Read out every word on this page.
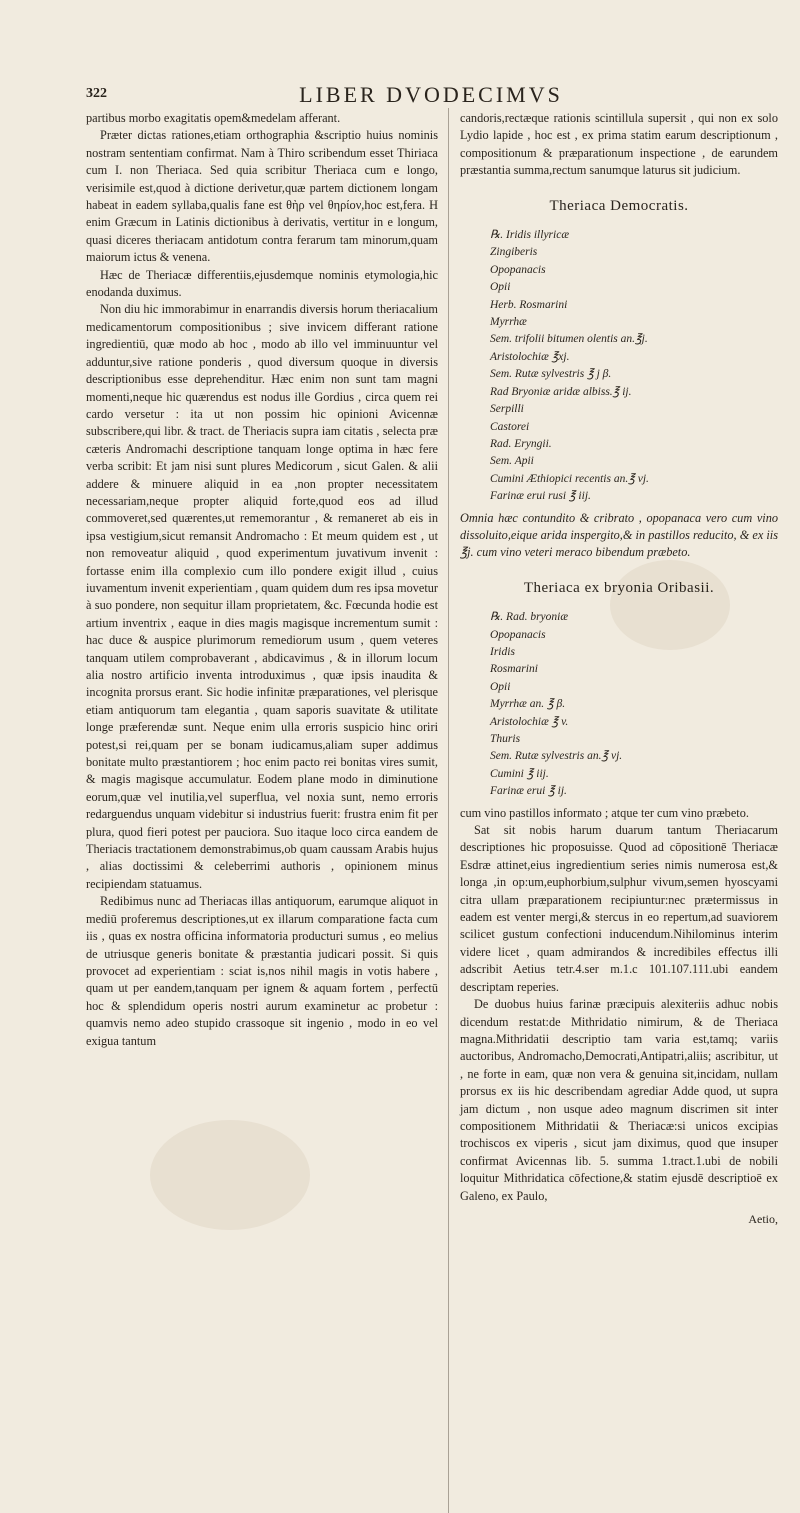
322	LIBER DVODECIMVS

partibus morbo exagitatis opem&medelam afferant.

Præter dictas rationes,etiam orthographia &scriptio huius nominis nostram sententiam confirmat. Nam à Thiro scribendum esset Thiriaca cum I. non Theriaca. Sed quia scribitur Theriaca cum e longo, verisimile est,quod à dictione derivetur,quæ partem dictionem longam habeat in eadem syllaba,qualis fane est θὴρ vel θηρίον,hoc est,fera. H enim Græcum in Latinis dictionibus à derivatis, vertitur in e longum, quasi diceres theriacam antidotum contra ferarum tam minorum,quam maiorum ictus & venena.

Hæc de Theriacæ differentiis,ejusdemque nominis etymologia,hic enodanda duximus.

Non diu hic immorabimur in enarrandis diversis horum theriacalium medicamentorum compositionibus ; sive invicem differant ratione ingredientiū, quæ modo ab hoc , modo ab illo vel imminuuntur vel adduntur,sive ratione ponderis , quod diversum quoque in diversis descriptionibus esse deprehenditur. Hæc enim non sunt tam magni momenti,neque hic quærendus est nodus ille Gordius , circa quem rei cardo versetur : ita ut non possim hic opinioni Avicennæ subscribere,qui libr. & tract. de Theriacis supra iam citatis , selecta præ cæteris Andromachi descriptione tanquam longe optima in hæc fere verba scribit: Et jam nisi sunt plures Medicorum , sicut Galen. & alii addere & minuere aliquid in ea ,non propter necessitatem necessariam,neque propter aliquid forte,quod eos ad illud commoveret,sed quærentes,ut rememorantur , & remaneret ab eis in ipsa vestigium,sicut remansit Andromacho : Et meum quidem est , ut non removeatur aliquid , quod experimentum juvativum invenit : fortasse enim illa complexio cum illo pondere exigit illud , cuius iuvamentum invenit experientiam , quam quidem dum res ipsa movetur à suo pondere, non sequitur illam proprietatem, &c. Fœcunda hodie est artium inventrix , eaque in dies magis magisque incrementum sumit : hac duce & auspice plurimorum remediorum usum , quem veteres tanquam utilem comprobaverant , abdicavimus , & in illorum locum alia nostro artificio inventa introduximus , quæ ipsis inaudita & incognita prorsus erant. Sic hodie infinitæ præparationes, vel plerisque etiam antiquorum tam elegantia , quam saporis suavitate & utilitate longe præferendæ sunt. Neque enim ulla erroris suspicio hinc oriri potest,si rei,quam per se bonam iudicamus,aliam super addimus bonitate multo præstantiorem ; hoc enim pacto rei bonitas vires sumit, & magis magisque accumulatur. Eodem plane modo in diminutione eorum,quæ vel inutilia,vel superflua, vel noxia sunt, nemo erroris redarguendus unquam videbitur si industrius fuerit: frustra enim fit per plura, quod fieri potest per pauciora. Suo itaque loco circa eandem de Theriacis tractationem demonstrabimus,ob quam caussam Arabis hujus , alias doctissimi & celeberrimi authoris , opinionem minus recipiendam statuamus.

Redibimus nunc ad Theriacas illas antiquorum, earumque aliquot in mediū proferemus descriptiones,ut ex illarum comparatione facta cum iis , quas ex nostra officina informatoria producturi sumus , eo melius de utriusque generis bonitate & præstantia judicari possit. Si quis provocet ad experientiam : sciat is,nos nihil magis in votis habere , quam ut per eandem,tanquam per ignem & aquam fortem , perfectū hoc & splendidum operis nostri aurum examinetur ac probetur : quamvis nemo adeo stupido crassoque sit ingenio , modo in eo vel exigua tantum

candoris,rectæque rationis scintillula supersit , qui non ex solo Lydio lapide , hoc est , ex prima statim earum descriptionum , compositionum & præparationum inspectione , de earundem præstantia summa,rectum sanumque laturus sit judicium.

Theriaca Democratis.
℞. Iridis illyricæ
Zingiberis
Opopanacis
Opii
Herb. Rosmarini
Myrrhæ
Sem. trifolii bitumen olentis an.℥j.
Aristolochiæ ℥xj.
Sem. Rutæ sylvestris ℥ j β.
Rad Bryoniæ aridæ albiss.℥ ij.
Serpilli
Castorei
Rad. Eryngii.
Sem. Apii
Cumini Æthiopici recentis an.℥ vj.
Farinæ erui rusi ℥ iij.

Omnia hæc contundito & cribrato , opopanaca vero cum vino dissoluito,eique arida inspergito,& in pastillos reducito, & ex iis ℥j. cum vino veteri meraco bibendum præbeto.

Theriaca ex bryonia Oribasii.
℞. Rad. bryoniæ
Opopanacis
Iridis
Rosmarini
Opii
Myrrhæ an. ℥ β.
Aristolochiæ ℥ v.
Thuris
Sem. Rutæ sylvestris an.℥ vj.
Cumini ℥ iij.
Farinæ erui ℥ ij.

cum vino pastillos informato ; atque ter cum vino præbeto.

Sat sit nobis harum duarum tantum Theriacarum descriptiones hic proposuisse. Quod ad cōpositionē Theriacæ Esdræ attinet,eius ingredientium series nimis numerosa est,& longa ,in op:um,euphorbium,sulphur vivum,semen hyoscyami citra ullam præparationem recipiuntur:nec prætermissus in eadem est venter mergi,& stercus in eo repertum,ad suaviorem scilicet gustum confectioni inducendum.Nihilominus interim videre licet , quam admirandos & incredibiles effectus illi adscribit Aetius tetr.4.ser m.1.c 101.107.111.ubi eandem descriptam reperies.

De duobus huius farinæ præcipuis alexiteriis adhuc nobis dicendum restat:de Mithridatio nimirum, & de Theriaca magna.Mithridatii descriptio tam varia est,tamq; variis auctoribus, Andromacho,Democrati,Antipatri,aliis; ascribitur, ut , ne forte in eam, quæ non vera & genuina sit,incidam, nullam prorsus ex iis hic describendam agrediar Adde quod, ut supra jam dictum , non usque adeo magnum discrimen sit inter compositionem Mithridatii & Theriacæ:si unicos excipias trochiscos ex viperis , sicut jam diximus, quod que insuper confirmat Avicennas lib. 5. summa 1.tract.1.ubi de nobili loquitur Mithridatica cōfectione,& statim ejusdē descriptioē ex Galeno, ex Paulo,

Aetio,
